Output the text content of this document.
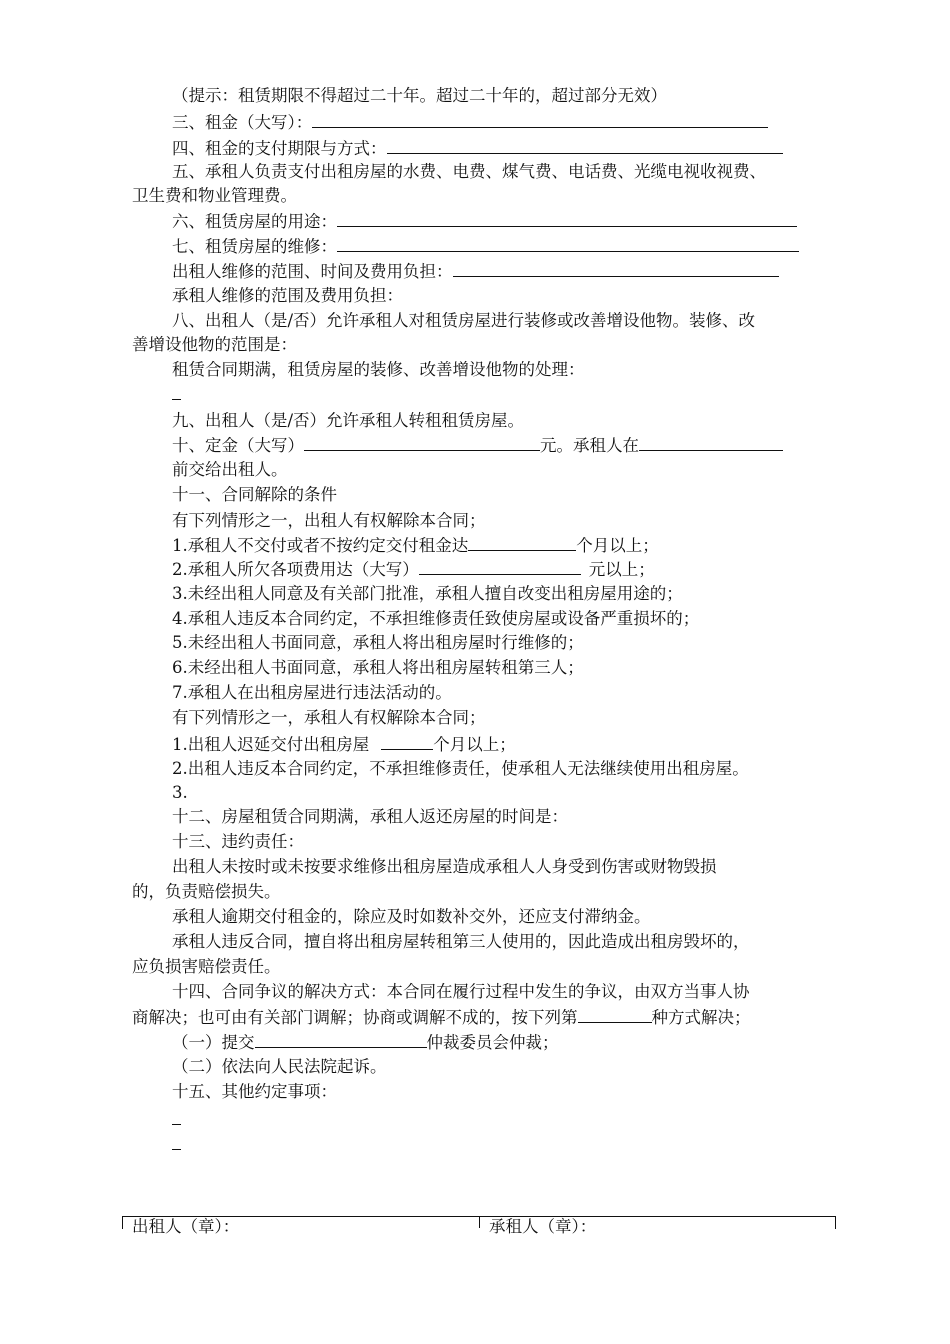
（提示：租赁期限不得超过二十年。超过二十年的，超过部分无效）
三、租金（大写）：
四、租金的支付期限与方式：
五、承租人负责支付出租房屋的水费、电费、煤气费、电话费、光缆电视收视费、
卫生费和物业管理费。
六、租赁房屋的用途：
七、租赁房屋的维修：
出租人维修的范围、时间及费用负担：
承租人维修的范围及费用负担：
八、出租人（是/否）允许承租人对租赁房屋进行装修或改善增设他物。装修、改
善增设他物的范围是：
租赁合同期满，租赁房屋的装修、改善增设他物的处理：
九、出租人（是/否）允许承租人转租租赁房屋。
十、定金（大写）	元。承租人在
前交给出租人。
十一、合同解除的条件
有下列情形之一，出租人有权解除本合同；
1.承租人不交付或者不按约定交付租金达	个月以上；
2.承租人所欠各项费用达（大写）	元以上；
3.未经出租人同意及有关部门批准，承租人擅自改变出租房屋用途的；
4.承租人违反本合同约定，不承担维修责任致使房屋或设备严重损坏的；
5.未经出租人书面同意，承租人将出租房屋时行维修的；
6.未经出租人书面同意，承租人将出租房屋转租第三人；
7.承租人在出租房屋进行违法活动的。
有下列情形之一，承租人有权解除本合同；
1.出租人迟延交付出租房屋	个月以上；
2.出租人违反本合同约定，不承担维修责任，使承租人无法继续使用出租房屋。
3.
十二、房屋租赁合同期满，承租人返还房屋的时间是：
十三、违约责任：
出租人未按时或未按要求维修出租房屋造成承租人人身受到伤害或财物毁损
的，负责赔偿损失。
承租人逾期交付租金的，除应及时如数补交外，还应支付滞纳金。
承租人违反合同，擅自将出租房屋转租第三人使用的，因此造成出租房毁坏的，
应负损害赔偿责任。
十四、合同争议的解决方式：本合同在履行过程中发生的争议，由双方当事人协
商解决；也可由有关部门调解；协商或调解不成的，按下列第	种方式解决；
（一）提交	仲裁委员会仲裁；
（二）依法向人民法院起诉。
十五、其他约定事项：
出租人（章）：	承租人（章）：
